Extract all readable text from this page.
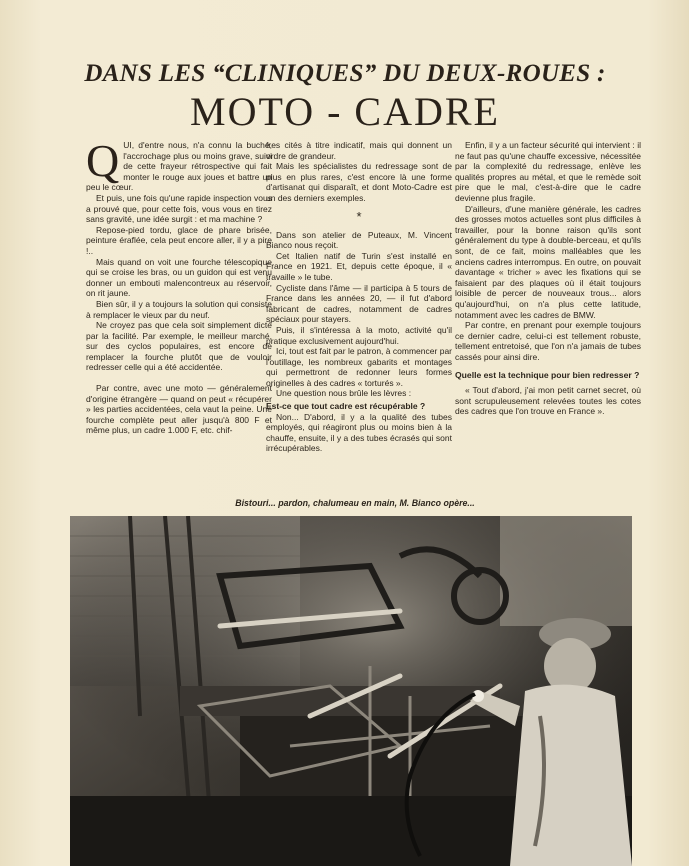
DANS LES “CLINIQUES” DU DEUX-ROUES :
MOTO - CADRE

QUI, d'entre nous, n'a connu la buche, l'accrochage plus ou moins grave, suivi de cette frayeur rétrospective qui fait monter le rouge aux joues et battre un peu le cœur.

Et puis, une fois qu'une rapide inspection vous a prouvé que, pour cette fois, vous vous en tirez sans gravité, une idée surgit : et ma machine ?

Repose-pied tordu, glace de phare brisée, peinture éraflée, cela peut encore aller, il y a pire !..

Mais quand on voit une fourche télescopique qui se croise les bras, ou un guidon qui est venu donner un embouti malencontreux au réservoir, on rit jaune.

Bien sûr, il y a toujours la solution qui consiste à remplacer le vieux par du neuf.

Ne croyez pas que cela soit simplement dicté par la facilité. Par exemple, le meilleur marché, sur des cyclos populaires, est encore de remplacer la fourche plutôt que de vouloir redresser celle qui a été accidentée.

Par contre, avec une moto — généralement d'origine étrangère — quand on peut « récupérer » les parties accidentées, cela vaut la peine. Une fourche complète peut aller jusqu'à 800 F et même plus, un cadre 1.000 F, etc. chif-

fres cités à titre indicatif, mais qui donnent un ordre de grandeur.

Mais les spécialistes du redressage sont de plus en plus rares, c'est encore là une forme d'artisanat qui disparaît, et dont Moto-Cadre est un des derniers exemples.

*

Dans son atelier de Puteaux, M. Vincent Bianco nous reçoit.

Cet Italien natif de Turin s'est installé en France en 1921. Et, depuis cette époque, il « travaille » le tube.

Cycliste dans l'âme — il participa à 5 tours de France dans les années 20, — il fut d'abord fabricant de cadres, notamment de cadres spéciaux pour stayers.

Puis, il s'intéressa à la moto, activité qu'il pratique exclusivement aujourd'hui.

Ici, tout est fait par le patron, à commencer par l'outillage, les nombreux gabarits et montages qui permettront de redonner leurs formes originelles à des cadres « torturés ».

Une question nous brûle les lèvres :

Est-ce que tout cadre est récupérable ?

Non... D'abord, il y a la qualité des tubes employés, qui réagiront plus ou moins bien à la chauffe, ensuite, il y a des tubes écrasés qui sont irrécupérables.

Enfin, il y a un facteur sécurité qui intervient : il ne faut pas qu'une chauffe excessive, nécessitée par la complexité du redressage, enlève les qualités propres au métal, et que le remède soit pire que le mal, c'est-à-dire que le cadre devienne plus fragile.

D'ailleurs, d'une manière générale, les cadres des grosses motos actuelles sont plus difficiles à travailler, pour la bonne raison qu'ils sont généralement du type à double-berceau, et qu'ils sont, de ce fait, moins malléables que les anciens cadres interrompus. En outre, on pouvait davantage « tricher » avec les fixations qui se faisaient par des plaques où il était toujours loisible de percer de nouveaux trous... alors qu'aujourd'hui, on n'a plus cette latitude, notamment avec les cadres de BMW.

Par contre, en prenant pour exemple toujours ce dernier cadre, celui-ci est tellement robuste, tellement entretoisé, que l'on n'a jamais de tubes cassés pour ainsi dire.

Quelle est la technique pour bien redresser ?

« Tout d'abord, j'ai mon petit carnet secret, où sont scrupuleusement relevées toutes les cotes des cadres que l'on trouve en France ».

Bistouri... pardon, chalumeau en main, M. Bianco opère...
